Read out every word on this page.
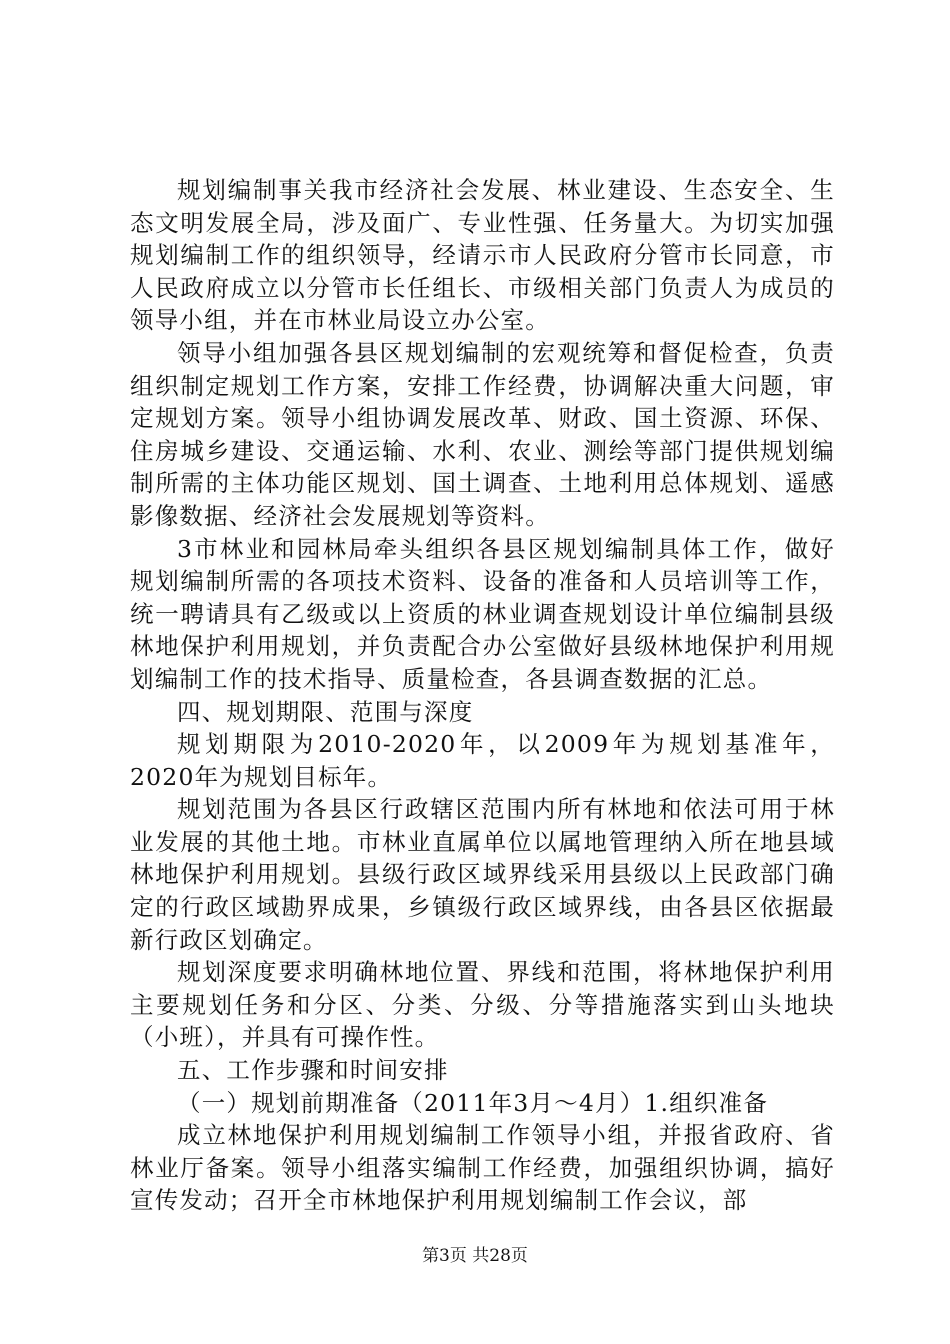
规划编制事关我市经济社会发展、林业建设、生态安全、生态文明发展全局，涉及面广、专业性强、任务量大。为切实加强规划编制工作的组织领导，经请示市人民政府分管市长同意，市人民政府成立以分管市长任组长、市级相关部门负责人为成员的领导小组，并在市林业局设立办公室。

领导小组加强各县区规划编制的宏观统筹和督促检查，负责组织制定规划工作方案，安排工作经费，协调解决重大问题，审定规划方案。领导小组协调发展改革、财政、国土资源、环保、住房城乡建设、交通运输、水利、农业、测绘等部门提供规划编制所需的主体功能区规划、国土调查、土地利用总体规划、遥感影像数据、经济社会发展规划等资料。

3市林业和园林局牵头组织各县区规划编制具体工作，做好规划编制所需的各项技术资料、设备的准备和人员培训等工作，统一聘请具有乙级或以上资质的林业调查规划设计单位编制县级林地保护利用规划，并负责配合办公室做好县级林地保护利用规划编制工作的技术指导、质量检查，各县调查数据的汇总。

四、规划期限、范围与深度

规划期限为2010-2020年，以2009年为规划基准年，2020年为规划目标年。

规划范围为各县区行政辖区范围内所有林地和依法可用于林业发展的其他土地。市林业直属单位以属地管理纳入所在地县域林地保护利用规划。县级行政区域界线采用县级以上民政部门确定的行政区域勘界成果，乡镇级行政区域界线，由各县区依据最新行政区划确定。

规划深度要求明确林地位置、界线和范围，将林地保护利用主要规划任务和分区、分类、分级、分等措施落实到山头地块（小班），并具有可操作性。

五、工作步骤和时间安排

（一）规划前期准备（2011年3月～4月）1.组织准备

成立林地保护利用规划编制工作领导小组，并报省政府、省林业厅备案。领导小组落实编制工作经费，加强组织协调，搞好宣传发动；召开全市林地保护利用规划编制工作会议，部

第3页 共28页
